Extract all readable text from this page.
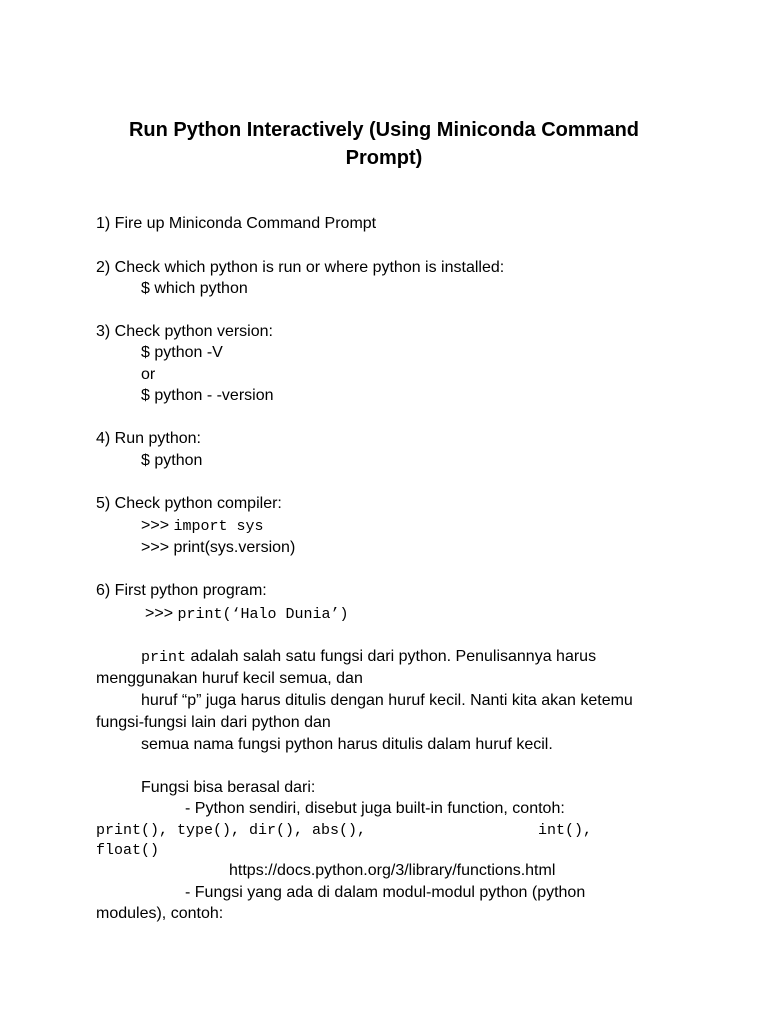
Run Python Interactively (Using Miniconda Command
Prompt)
1) Fire up Miniconda Command Prompt
2) Check which python is run or where python is installed:
$ which python
3) Check python version:
$ python -V
or
$ python - -version
4) Run python:
$ python
5) Check python compiler:
>>> import sys
>>> print(sys.version)
6) First python program:
>>> print(‘Halo Dunia’)
print adalah salah satu fungsi dari python. Penulisannya harus
menggunakan huruf kecil semua, dan
huruf “p” juga harus ditulis dengan huruf kecil. Nanti kita akan ketemu
fungsi-fungsi lain dari python dan
semua nama fungsi python harus ditulis dalam huruf kecil.
Fungsi bisa berasal dari:
- Python sendiri, disebut juga built-in function, contoh:
print(), type(), dir(), abs(),	int(),
float()
https://docs.python.org/3/library/functions.html
- Fungsi yang ada di dalam modul-modul python (python
modules), contoh:
